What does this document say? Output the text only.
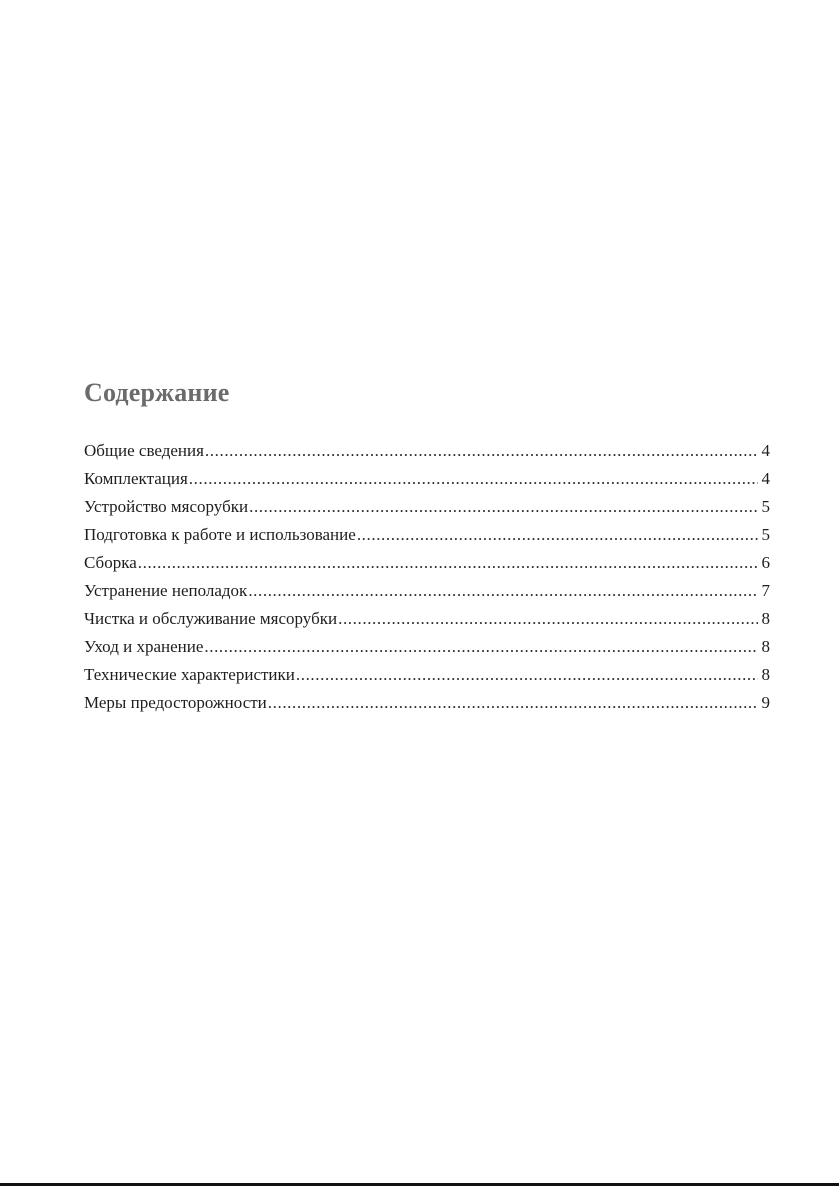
Содержание
Общие сведения .....	4
Комплектация .....	4
Устройство мясорубки .....	5
Подготовка к работе и использование .....	5
Сборка .....	6
Устранение неполадок .....	7
Чистка и обслуживание мясорубки .....	8
Уход и хранение .....	8
Технические характеристики .....	8
Меры предосторожности .....	9
